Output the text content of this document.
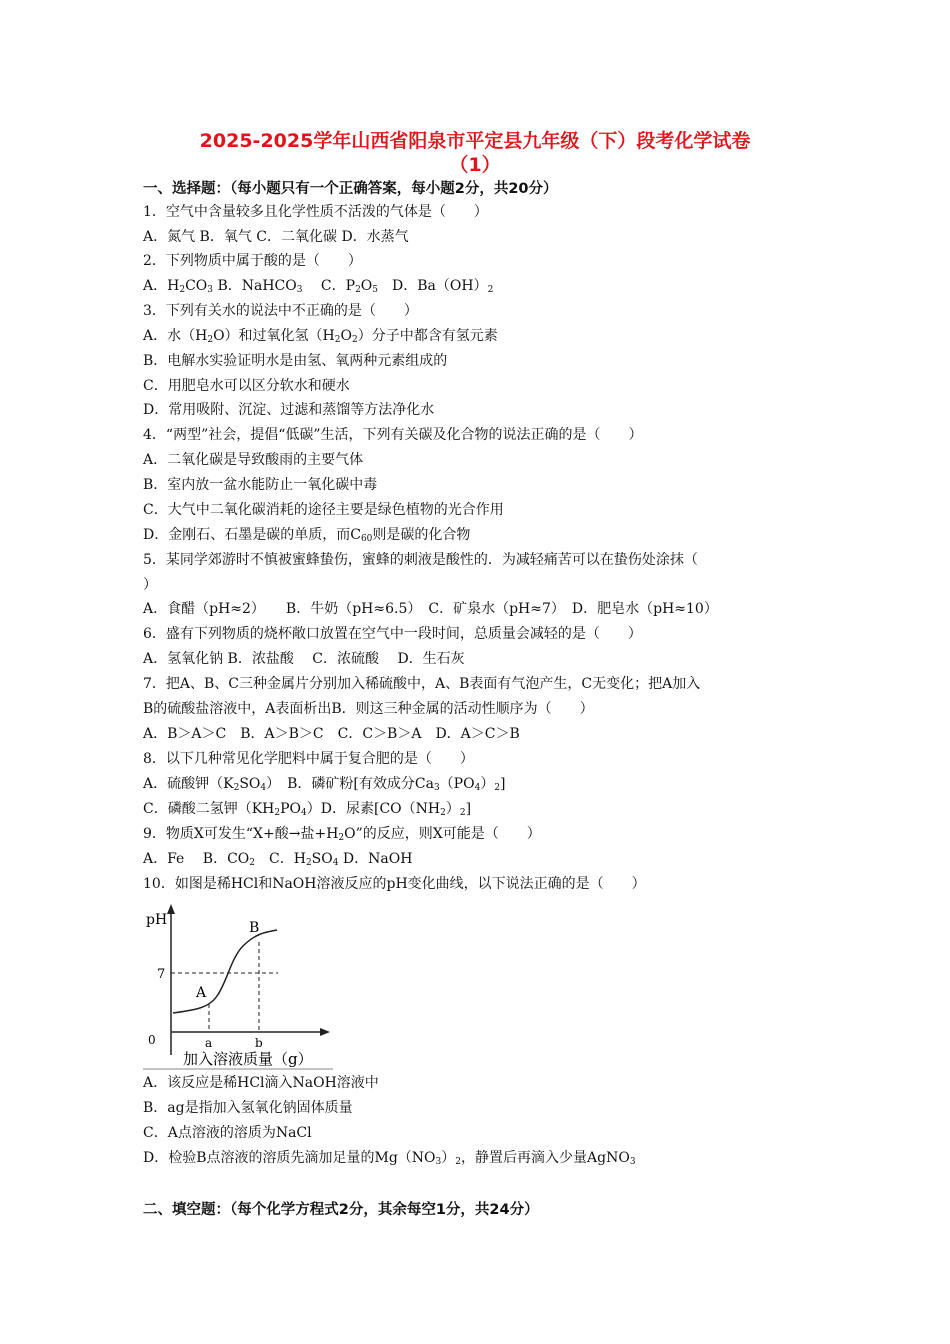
2025-2025学年山西省阳泉市平定县九年级（下）段考化学试卷
（1）
一、选择题：（每小题只有一个正确答案，每小题2分，共20分）
1．空气中含量较多且化学性质不活泼的气体是（　　）
A．氮气 B．氧气 C．二氧化碳 D．水蒸气
2．下列物质中属于酸的是（　　）
A．$H_2CO_3$ B．NaHCO$_3$　 C．$P_2O_5$　D．$Ba(OH)_2$
3．下列有关水的说法中不正确的是（　　）
A．水$(H_2O)$和过氧化氢$(H_2O_2)$分子中都含有氢元素
B．电解水实验证明水是由氢、氧两种元素组成的
C．用肥皂水可以区分软水和硬水
D．常用吸附、沉淀、过滤和蒸馏等方法净化水
4．“两型”社会，提倡“低碳”生活，下列有关碳及化合物的说法正确的是（　　）
A．二氧化碳是导致酸雨的主要气体
B．室内放一盆水能防止一氧化碳中毒
C．大气中二氧化碳消耗的途径主要是绿色植物的光合作用
D．金刚石、石墨是碳的单质，而$C_{60}$则是碳的化合物
5．某同学郊游时不慎被蜜蜂蛰伤，蜜蜂的刺液是酸性的．为减轻痛苦可以在蛰伤处涂抹（
）
A．食醋（pH≈2）　　B．牛奶（pH≈6.5）　C．矿泉水（pH≈7）　D．肥皂水（pH≈10）
6．盛有下列物质的烧杯敞口放置在空气中一段时间，总质量会减轻的是（　　）
A．氢氧化钠 B．浓盐酸　 C．浓硫酸　 D．生石灰
7．把A、B、C三种金属片分别加入稀硫酸中，A、B表面有气泡产生，C无变化；把A加入
B的硫酸盐溶液中，A表面析出B．则这三种金属的活动性顺序为（　　）
A．B＞A＞C　B．A＞B＞C　C．C＞B＞A　D．A＞C＞B
8．以下几种常见化学肥料中属于复合肥的是（　　）
A．硫酸钾$(K_2SO_4)$　B．磷矿粉[有效成分$Ca_3(PO_4)_2$]
C．磷酸二氢钾$(KH_2PO_4)D$．尿素$[CO(NH_2)_2]$
9．物质X可发生“X+酸→盐$+H_2O$”的反应，则X可能是（　　）
A．Fe　 B．$CO_2$　C．$H_2SO_4$ D．NaOH
10．如图是稀HCl和NaOH溶液反应的pH变化曲线，以下说法正确的是（　　）
pH
0
7
A
B
a	b
加入溶液质量（g）
A．该反应是稀HCl滴入NaOH溶液中
B．ag是指加入氢氧化钠固体质量
C．A点溶液的溶质为NaCl
D．检验B点溶液的溶质先滴加足量的$Mg(NO_3)_2$，静置后再滴入少量AgNO$_3$
二、填空题：（每个化学方程式2分，其余每空1分，共24分）
